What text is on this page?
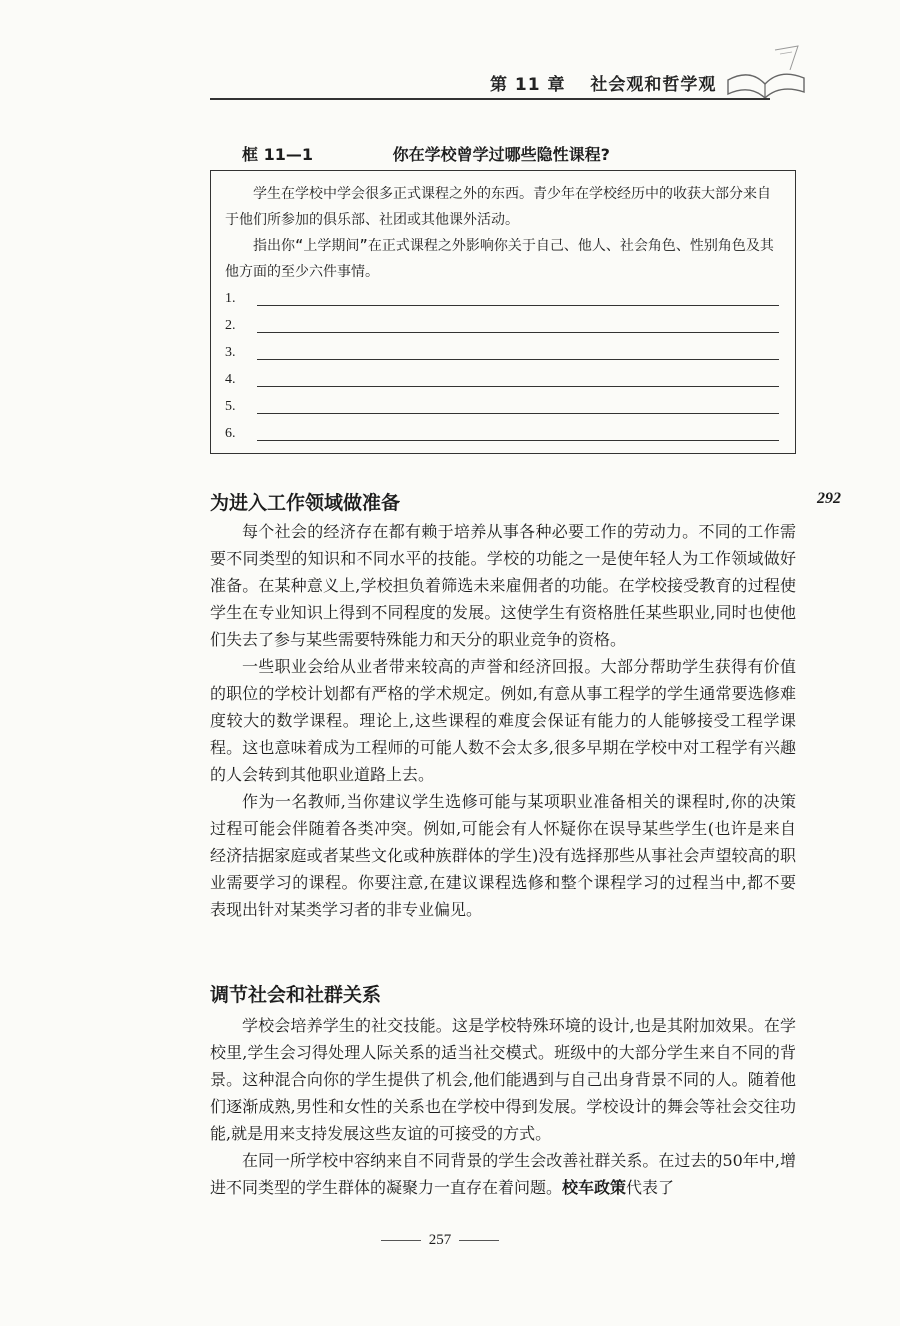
第 11 章 社会观和哲学观
框 11—1	你在学校曾学过哪些隐性课程?

学生在学校中学会很多正式课程之外的东西。青少年在学校经历中的收获大部分来自于他们所参加的俱乐部、社团或其他课外活动。

指出你“上学期间”在正式课程之外影响你关于自己、他人、社会角色、性别角色及其他方面的至少六件事情。

1.
2.
3.
4.
5.
6.
为进入工作领域做准备	292

每个社会的经济存在都有赖于培养从事各种必要工作的劳动力。不同的工作需要不同类型的知识和不同水平的技能。学校的功能之一是使年轻人为工作领域做好准备。在某种意义上,学校担负着筛选未来雇佣者的功能。在学校接受教育的过程使学生在专业知识上得到不同程度的发展。这使学生有资格胜任某些职业,同时也使他们失去了参与某些需要特殊能力和天分的职业竞争的资格。

一些职业会给从业者带来较高的声誉和经济回报。大部分帮助学生获得有价值的职位的学校计划都有严格的学术规定。例如,有意从事工程学的学生通常要选修难度较大的数学课程。理论上,这些课程的难度会保证有能力的人能够接受工程学课程。这也意味着成为工程师的可能人数不会太多,很多早期在学校中对工程学有兴趣的人会转到其他职业道路上去。

作为一名教师,当你建议学生选修可能与某项职业准备相关的课程时,你的决策过程可能会伴随着各类冲突。例如,可能会有人怀疑你在误导某些学生(也许是来自经济拮据家庭或者某些文化或种族群体的学生)没有选择那些从事社会声望较高的职业需要学习的课程。你要注意,在建议课程选修和整个课程学习的过程当中,都不要表现出针对某类学习者的非专业偏见。

调节社会和社群关系

学校会培养学生的社交技能。这是学校特殊环境的设计,也是其附加效果。在学校里,学生会习得处理人际关系的适当社交模式。班级中的大部分学生来自不同的背景。这种混合向你的学生提供了机会,他们能遇到与自己出身背景不同的人。随着他们逐渐成熟,男性和女性的关系也在学校中得到发展。学校设计的舞会等社会交往功能,就是用来支持发展这些友谊的可接受的方式。

在同一所学校中容纳来自不同背景的学生会改善社群关系。在过去的50年中,增进不同类型的学生群体的凝聚力一直存在着问题。校车政策代表了

257
